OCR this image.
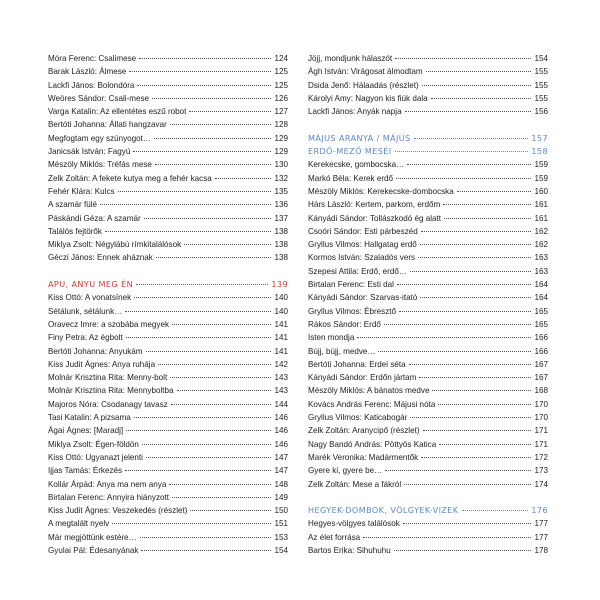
Móra Ferenc: Csalimese	124
Barak László: Álmese	125
Lackfi János: Bolondóra	125
Weöres Sándor: Csali-mese	126
Varga Katalin: Az ellentétes eszű robot	127
Bertóti Johanna: Állati hangzavar	128
Megfogtam egy szúnyogot…	129
Janicsák István: Fagyú	129
Mészöly Miklós: Tréfás mese	130
Zelk Zoltán: A fekete kutya meg a fehér kacsa	132
Fehér Klára: Kulcs	135
A szamár fülé	136
Páskándi Géza: A szamár	137
Találós fejtörők	138
Miklya Zsolt: Négylábú rímkitalálósok	138
Géczi János: Ennek aháznak	138
APU, ANYU MEG ÉN	139
Kiss Ottó: A vonatsínek	140
Sétálunk, sétálunk…	140
Oravecz Imre: a szobába megyek	141
Finy Petra: Az égbolt	141
Bertóti Johanna: Anyukám	141
Kiss Judit Ágnes: Anya ruhája	142
Molnár Krisztina Rita: Menny-bolt	143
Molnár Krisztina Rita: Mennyboltba	143
Majoros Nóra: Csodanagy tavasz	144
Tasi Katalin: A pizsama	146
Ágai Ágnes: [Maradj]	146
Miklya Zsolt: Égen-földön	146
Kiss Ottó: Ugyanazt jelenti	147
Ijjas Tamás: Érkezés	147
Kollár Árpád: Anya ma nem anya	148
Birtalan Ferenc: Annyira hiányzott	149
Kiss Judit Ágnes: Veszekedés (részlet)	150
A megtalált nyelv	151
Már megjöttünk estére…	153
Gyulai Pál: Édesanyának	154
Jöjj, mondjunk hálaszót	154
Ágh István: Virágosat álmodtam	155
Dsida Jenő: Hálaadás (részlet)	155
Károlyi Amy: Nagyon kis fiúk dala	155
Lackfi János: Anyák napja	156
MÁJUS ARANYA / MÁJUS	157
ERDŐ-MEZŐ MESÉI	158
Kerekecske, gombocska…	159
Markó Béla: Kerek erdő	159
Mészöly Miklós: Kerekecske-dombocska	160
Hárs László: Kertem, parkom, erdőm	161
Kányádi Sándor: Tollászkodó ég alatt	161
Csoóri Sándor: Esti párbeszéd	162
Gryllus Vilmos: Hallgatag erdő	162
Kormos István: Szaladós vers	163
Szepesi Attila: Erdő, erdő…	163
Birtalan Ferenc: Esti dal	164
Kányádi Sándor: Szarvas-itató	164
Gryllus Vilmos: Ébresztő	165
Rákos Sándor: Erdő	165
Isten mondja	166
Bújj, bújj, medve…	166
Bertóti Johanna: Erdei séta	167
Kányádi Sándor: Erdőn jártam	167
Mészöly Miklós: A bánatos medve	168
Kovács András Ferenc: Májusi nóta	170
Gryllus Vilmos: Katicabogár	170
Zelk Zoltán: Aranycipő (részlet)	171
Nagy Bandó András: Pöttyös Katica	171
Marék Veronika: Madármentők	172
Gyere ki, gyere be…	173
Zelk Zoltán: Mese a fákról	174
HEGYEK-DOMBOK, VÖLGYEK-VIZEK	176
Hegyes-völgyes találósok	177
Az élet forrása	177
Bartos Erika: Sihuhuhu	178
